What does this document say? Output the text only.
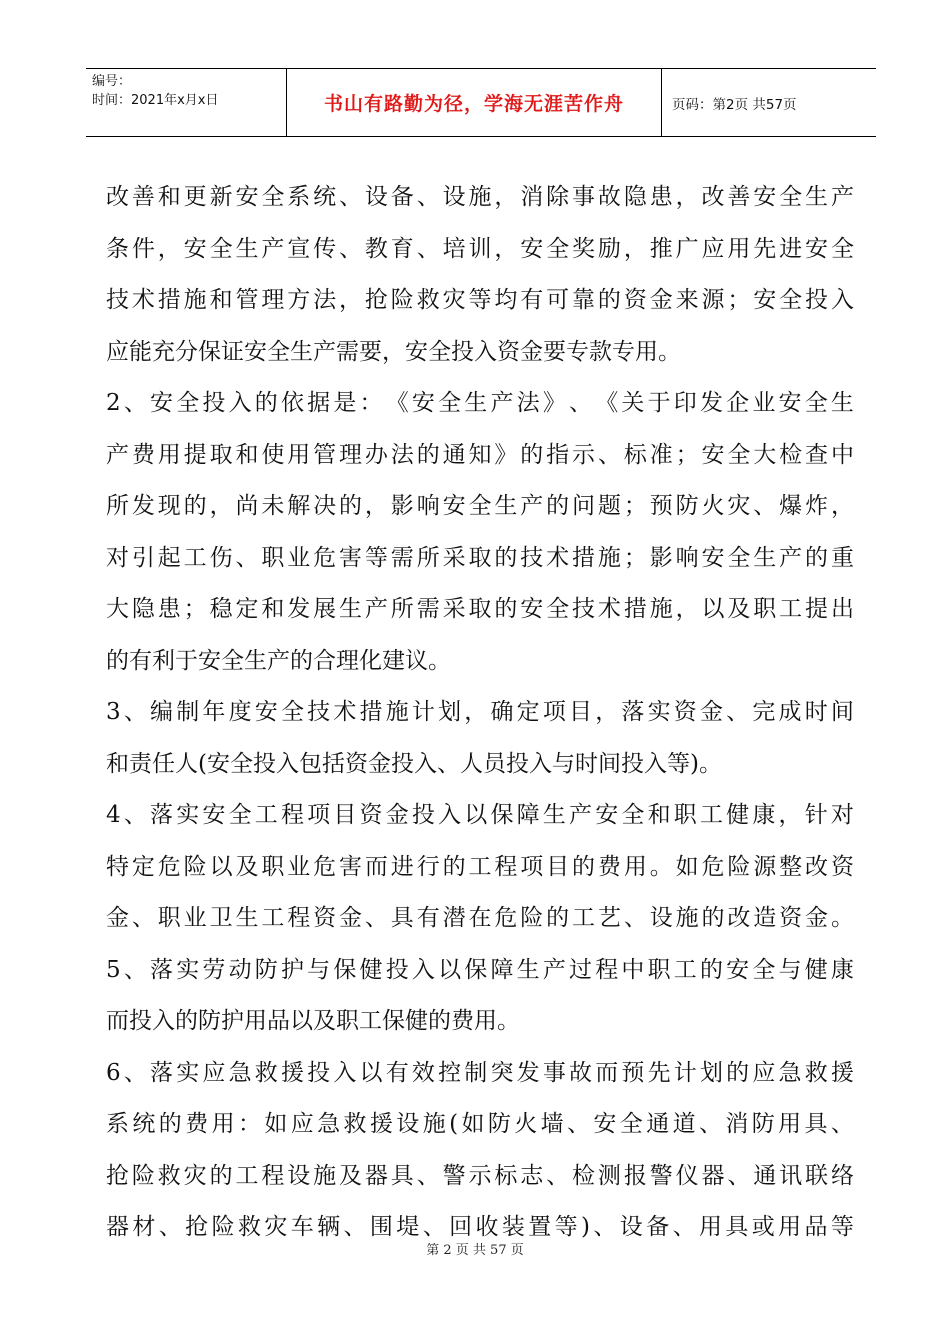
编号：
时间：2021年x月x日	书山有路勤为径，学海无涯苦作舟	页码：第2页 共57页
改 善 和 更 新 安 全 系 统 、 设 备 、 设 施 ， 消 除 事 故 隐 患 ， 改 善 安 全 生 产
条 件 ， 安 全 生 产 宣 传 、 教 育 、 培 训 ， 安 全 奖 励 ， 推 广 应 用 先 进 安 全
技 术 措 施 和 管 理 方 法 ， 抢 险 救 灾 等 均 有 可 靠 的 资 金 来 源 ； 安 全 投 入
应能充分保证安全生产需要，安全投入资金要专款专用。
2 、 安 全 投 入 的 依 据 是 ： 《 安 全 生 产 法 》 、 《 关 于 印 发 企 业 安 全 生
产 费 用 提 取 和 使 用 管 理 办 法 的 通 知 》 的 指 示 、 标 准 ； 安 全 大 检 查 中
所 发 现 的 ， 尚 未 解 决 的 ， 影 响 安 全 生 产 的 问 题 ； 预 防 火 灾 、 爆 炸 ，
对 引 起 工 伤 、 职 业 危 害 等 需 所 采 取 的 技 术 措 施 ； 影 响 安 全 生 产 的 重
大 隐 患 ； 稳 定 和 发 展 生 产 所 需 采 取 的 安 全 技 术 措 施 ， 以 及 职 工 提 出
的有利于安全生产的合理化建议。
3 、 编 制 年 度 安 全 技 术 措 施 计 划 ， 确 定 项 目 ， 落 实 资 金 、 完 成 时 间
和责任人(安全投入包括资金投入、人员投入与时间投入等)。
4 、 落 实 安 全 工 程 项 目 资 金 投 入 以 保 障 生 产 安 全 和 职 工 健 康 ， 针 对
特 定 危 险 以 及 职 业 危 害 而 进 行 的 工 程 项 目 的 费 用 。 如 危 险 源 整 改 资
金 、 职 业 卫 生 工 程 资 金 、 具 有 潜 在 危 险 的 工 艺 、 设 施 的 改 造 资 金 。
5 、 落 实 劳 动 防 护 与 保 健 投 入 以 保 障 生 产 过 程 中 职 工 的 安 全 与 健 康
而投入的防护用品以及职工保健的费用。
6 、 落 实 应 急 救 援 投 入 以 有 效 控 制 突 发 事 故 而 预 先 计 划 的 应 急 救 援
系 统 的 费 用 ： 如 应 急 救 援 设 施 ( 如 防 火 墙 、 安 全 通 道 、 消 防 用 具 、
抢 险 救 灾 的 工 程 设 施 及 器 具 、 警 示 标 志 、 检 测 报 警 仪 器 、 通 讯 联 络
器 材 、 抢 险 救 灾 车 辆 、 围 堤 、 回 收 装 置 等 ) 、 设 备 、 用 具 或 用 品 等
第 2 页 共 57 页
